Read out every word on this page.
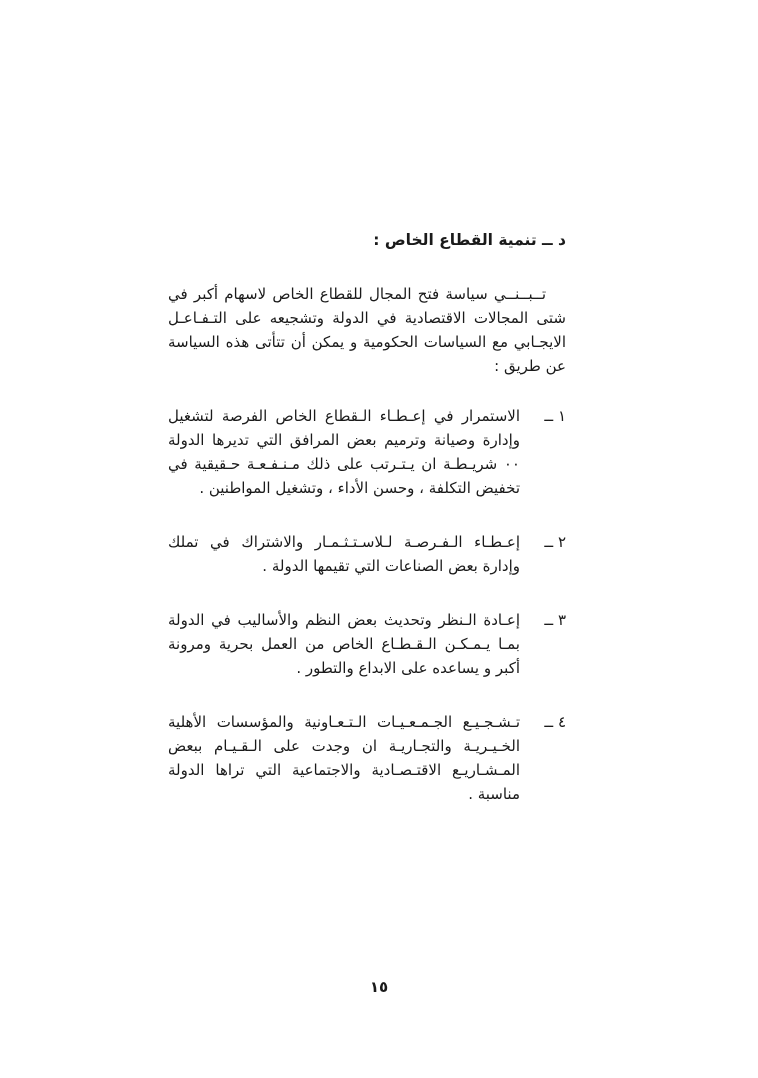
د ــ تنمية القطاع الخاص :

تــبــنــي سياسة فتح المجال للقطاع الخاص لاسهام أكبر في شتى المجالات الاقتصادية في الدولة وتشجيعه على التـفـاعـل الايجـابي مع السياسات الحكومية و يمكن أن تتأتى هذه السياسة عن طريق :

١ ــ

الاستمرار في إعـطـاء الـقطاع الخاص الفرصة لتشغيل وإدارة وصيانة وترميم بعض المرافق التي تديرها الدولة ٠٠ شريـطـة ان يـتـرتب على ذلك مـنـفـعـة حـقيقية في تخفيض التكلفة ، وحسن الأداء ، وتشغيل المواطنين .

٢ ــ

إعـطـاء الـفـرصـة لـلاسـتـثـمـار والاشتراك في تملك وإدارة بعض الصناعات التي تقيمها الدولة .

٣ ــ

إعـادة الـنظر وتحديث بعض النظم والأساليب في الدولة بمـا يـمـكـن الـقـطـاع الخاص من العمل بحرية ومرونة أكبر و يساعده على الابداع والتطور .

٤ ــ

تـشـجـيـع الجـمـعـيـات الـتـعـاونية والمؤسسات الأهلية الخـيـريـة والتجـاريـة ان وجدت على الـقـيـام ببعض المـشـاريـع الاقتـصـادية والاجتماعية التي تراها الدولة مناسبة .

١٥
